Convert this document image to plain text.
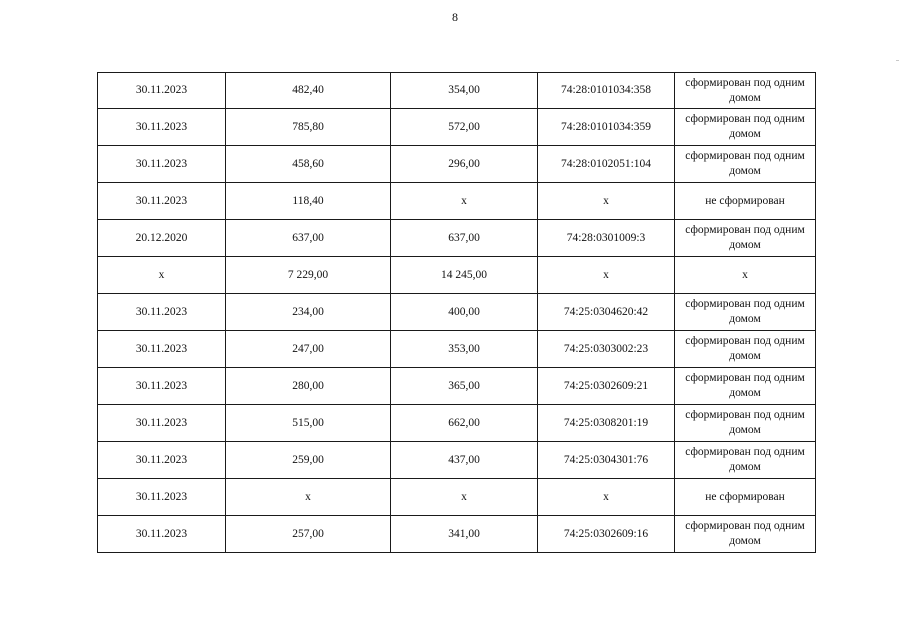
8
30.11.2023	482,40	354,00	74:28:0101034:358	сформирован под одним домом
30.11.2023	785,80	572,00	74:28:0101034:359	сформирован под одним домом
30.11.2023	458,60	296,00	74:28:0102051:104	сформирован под одним домом
30.11.2023	118,40	х	х	не сформирован
20.12.2020	637,00	637,00	74:28:0301009:3	сформирован под одним домом
х	7 229,00	14 245,00	х	х
30.11.2023	234,00	400,00	74:25:0304620:42	сформирован под одним домом
30.11.2023	247,00	353,00	74:25:0303002:23	сформирован под одним домом
30.11.2023	280,00	365,00	74:25:0302609:21	сформирован под одним домом
30.11.2023	515,00	662,00	74:25:0308201:19	сформирован под одним домом
30.11.2023	259,00	437,00	74:25:0304301:76	сформирован под одним домом
30.11.2023	х	х	х	не сформирован
30.11.2023	257,00	341,00	74:25:0302609:16	сформирован под одним домом
